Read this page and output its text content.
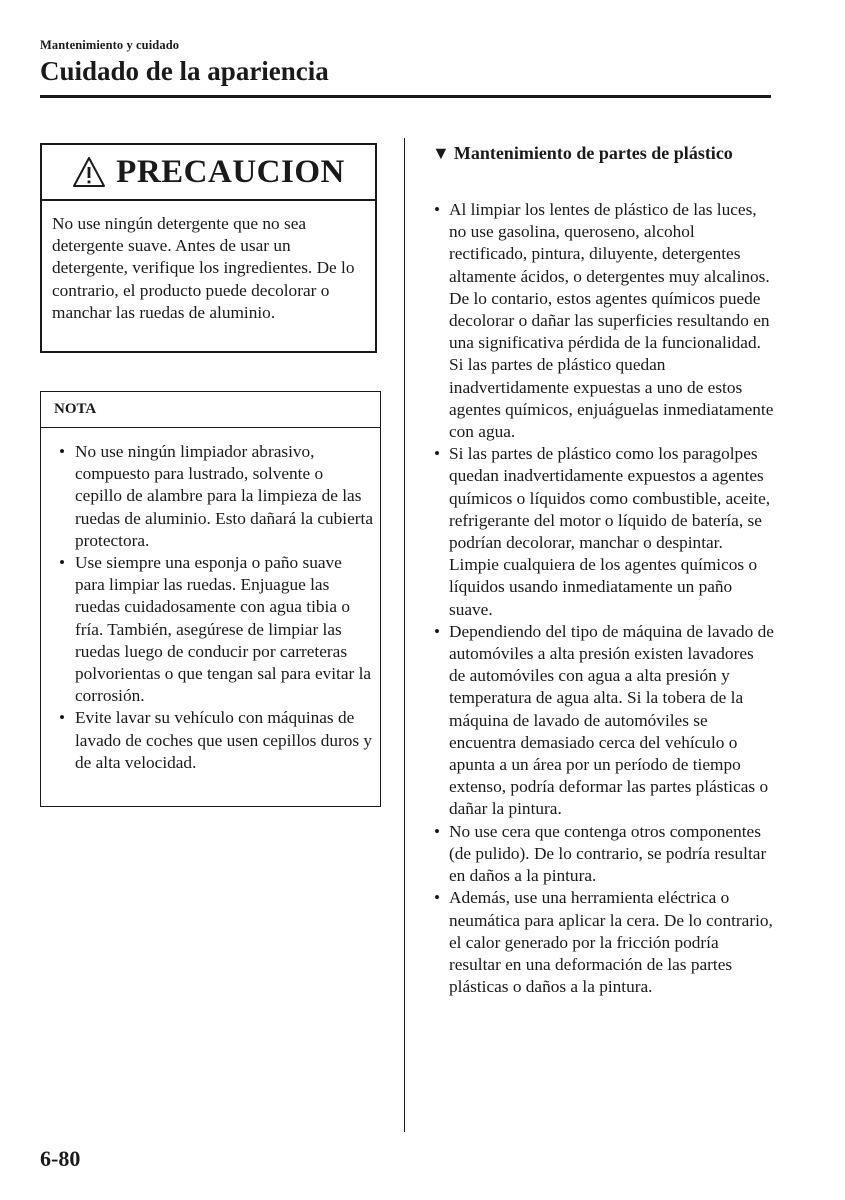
Mantenimiento y cuidado
Cuidado de la apariencia
PRECAUCION
No use ningún detergente que no sea detergente suave. Antes de usar un detergente, verifique los ingredientes. De lo contrario, el producto puede decolorar o manchar las ruedas de aluminio.
NOTA
• No use ningún limpiador abrasivo, compuesto para lustrado, solvente o cepillo de alambre para la limpieza de las ruedas de aluminio. Esto dañará la cubierta protectora.
• Use siempre una esponja o paño suave para limpiar las ruedas. Enjuague las ruedas cuidadosamente con agua tibia o fría. También, asegúrese de limpiar las ruedas luego de conducir por carreteras polvorientas o que tengan sal para evitar la corrosión.
• Evite lavar su vehículo con máquinas de lavado de coches que usen cepillos duros y de alta velocidad.
▼ Mantenimiento de partes de plástico
• Al limpiar los lentes de plástico de las luces, no use gasolina, queroseno, alcohol rectificado, pintura, diluyente, detergentes altamente ácidos, o detergentes muy alcalinos. De lo contario, estos agentes químicos puede decolorar o dañar las superficies resultando en una significativa pérdida de la funcionalidad. Si las partes de plástico quedan inadvertidamente expuestas a uno de estos agentes químicos, enjuáguelas inmediatamente con agua.
• Si las partes de plástico como los paragolpes quedan inadvertidamente expuestos a agentes químicos o líquidos como combustible, aceite, refrigerante del motor o líquido de batería, se podrían decolorar, manchar o despintar. Limpie cualquiera de los agentes químicos o líquidos usando inmediatamente un paño suave.
• Dependiendo del tipo de máquina de lavado de automóviles a alta presión existen lavadores de automóviles con agua a alta presión y temperatura de agua alta. Si la tobera de la máquina de lavado de automóviles se encuentra demasiado cerca del vehículo o apunta a un área por un período de tiempo extenso, podría deformar las partes plásticas o dañar la pintura.
• No use cera que contenga otros componentes (de pulido). De lo contrario, se podría resultar en daños a la pintura.
• Además, use una herramienta eléctrica o neumática para aplicar la cera. De lo contrario, el calor generado por la fricción podría resultar en una deformación de las partes plásticas o daños a la pintura.
6-80
